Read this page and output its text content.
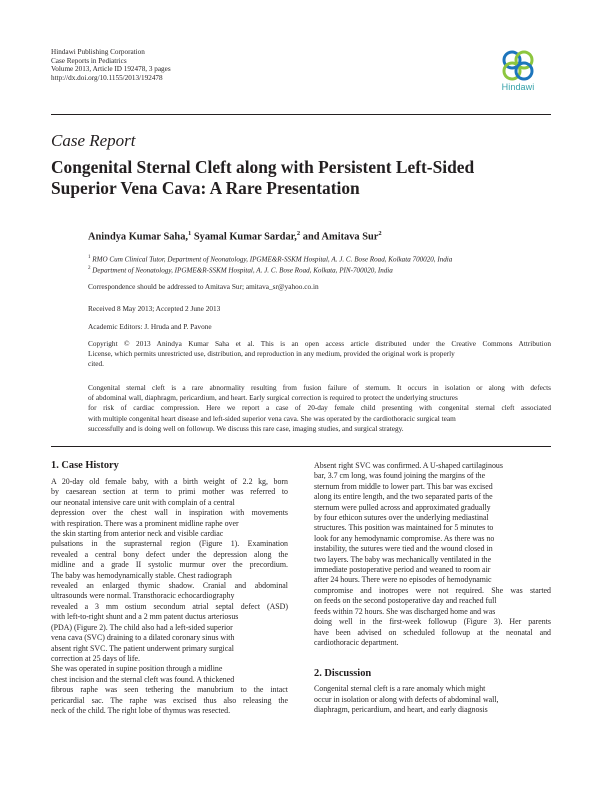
Hindawi Publishing Corporation
Case Reports in Pediatrics
Volume 2013, Article ID 192478, 3 pages
http://dx.doi.org/10.1155/2013/192478
Hindawi
Case Report
Congenital Sternal Cleft along with Persistent Left-Sided
Superior Vena Cava: A Rare Presentation
Anindya Kumar Saha,$^1$ Syamal Kumar Sardar,$^2$ and Amitava Sur$^2$
$^1$ RMO Cum Clinical Tutor, Department of Neonatology, IPGME&R-SSKM Hospital, A. J. C. Bose Road, Kolkata 700020, India
$^2$ Department of Neonatology, IPGME&R-SSKM Hospital, A. J. C. Bose Road, Kolkata, PIN-700020, India
Correspondence should be addressed to Amitava Sur; amitava_sr@yahoo.co.in
Received 8 May 2013; Accepted 2 June 2013
Academic Editors: J. Hruda and P. Pavone
Copyright © 2013 Anindya Kumar Saha et al. This is an open access article distributed under the Creative Commons Attribution
License, which permits unrestricted use, distribution, and reproduction in any medium, provided the original work is properly
cited.
Congenital sternal cleft is a rare abnormality resulting from fusion failure of sternum. It occurs in isolation or along with defects
of abdominal wall, diaphragm, pericardium, and heart. Early surgical correction is required to protect the underlying structures
for risk of cardiac compression. Here we report a case of 20-day female child presenting with congenital sternal cleft associated
with multiple congenital heart disease and left-sided superior vena cava. She was operated by the cardiothoracic surgical team
successfully and is doing well on followup. We discuss this rare case, imaging studies, and surgical strategy.
1. Case History
A 20-day old female baby, with a birth weight of 2.2 kg, born
by caesarean section at term to primi mother was referred to
our neonatal intensive care unit with complain of a central
depression over the chest wall in inspiration with movements
with respiration. There was a prominent midline raphe over
the skin starting from anterior neck and visible cardiac
pulsations in the suprasternal region (Figure 1). Examination
revealed a central bony defect under the depression along the
midline and a grade II systolic murmur over the precordium.
The baby was hemodynamically stable. Chest radiograph
revealed an enlarged thymic shadow. Cranial and abdominal
ultrasounds were normal. Transthoracic echocardiography
revealed a 3 mm ostium secondum atrial septal defect (ASD)
with left-to-right shunt and a 2 mm patent ductus arteriosus
(PDA) (Figure 2). The child also had a left-sided superior
vena cava (SVC) draining to a dilated coronary sinus with
absent right SVC. The patient underwent primary surgical
correction at 25 days of life.
She was operated in supine position through a midline
chest incision and the sternal cleft was found. A thickened
fibrous raphe was seen tethering the manubrium to the intact
pericardial sac. The raphe was excised thus also releasing the
neck of the child. The right lobe of thymus was resected.
Absent right SVC was confirmed. A U-shaped cartilaginous
bar, 3.7 cm long, was found joining the margins of the
sternum from middle to lower part. This bar was excised
along its entire length, and the two separated parts of the
sternum were pulled across and approximated gradually
by four ethicon sutures over the underlying mediastinal
structures. This position was maintained for 5 minutes to
look for any hemodynamic compromise. As there was no
instability, the sutures were tied and the wound closed in
two layers. The baby was mechanically ventilated in the
immediate postoperative period and weaned to room air
after 24 hours. There were no episodes of hemodynamic
compromise and inotropes were not required. She was started
on feeds on the second postoperative day and reached full
feeds within 72 hours. She was discharged home and was
doing well in the first-week followup (Figure 3). Her parents
have been advised on scheduled followup at the neonatal and
cardiothoracic department.
2. Discussion
Congenital sternal cleft is a rare anomaly which might
occur in isolation or along with defects of abdominal wall,
diaphragm, pericardium, and heart, and early diagnosis
